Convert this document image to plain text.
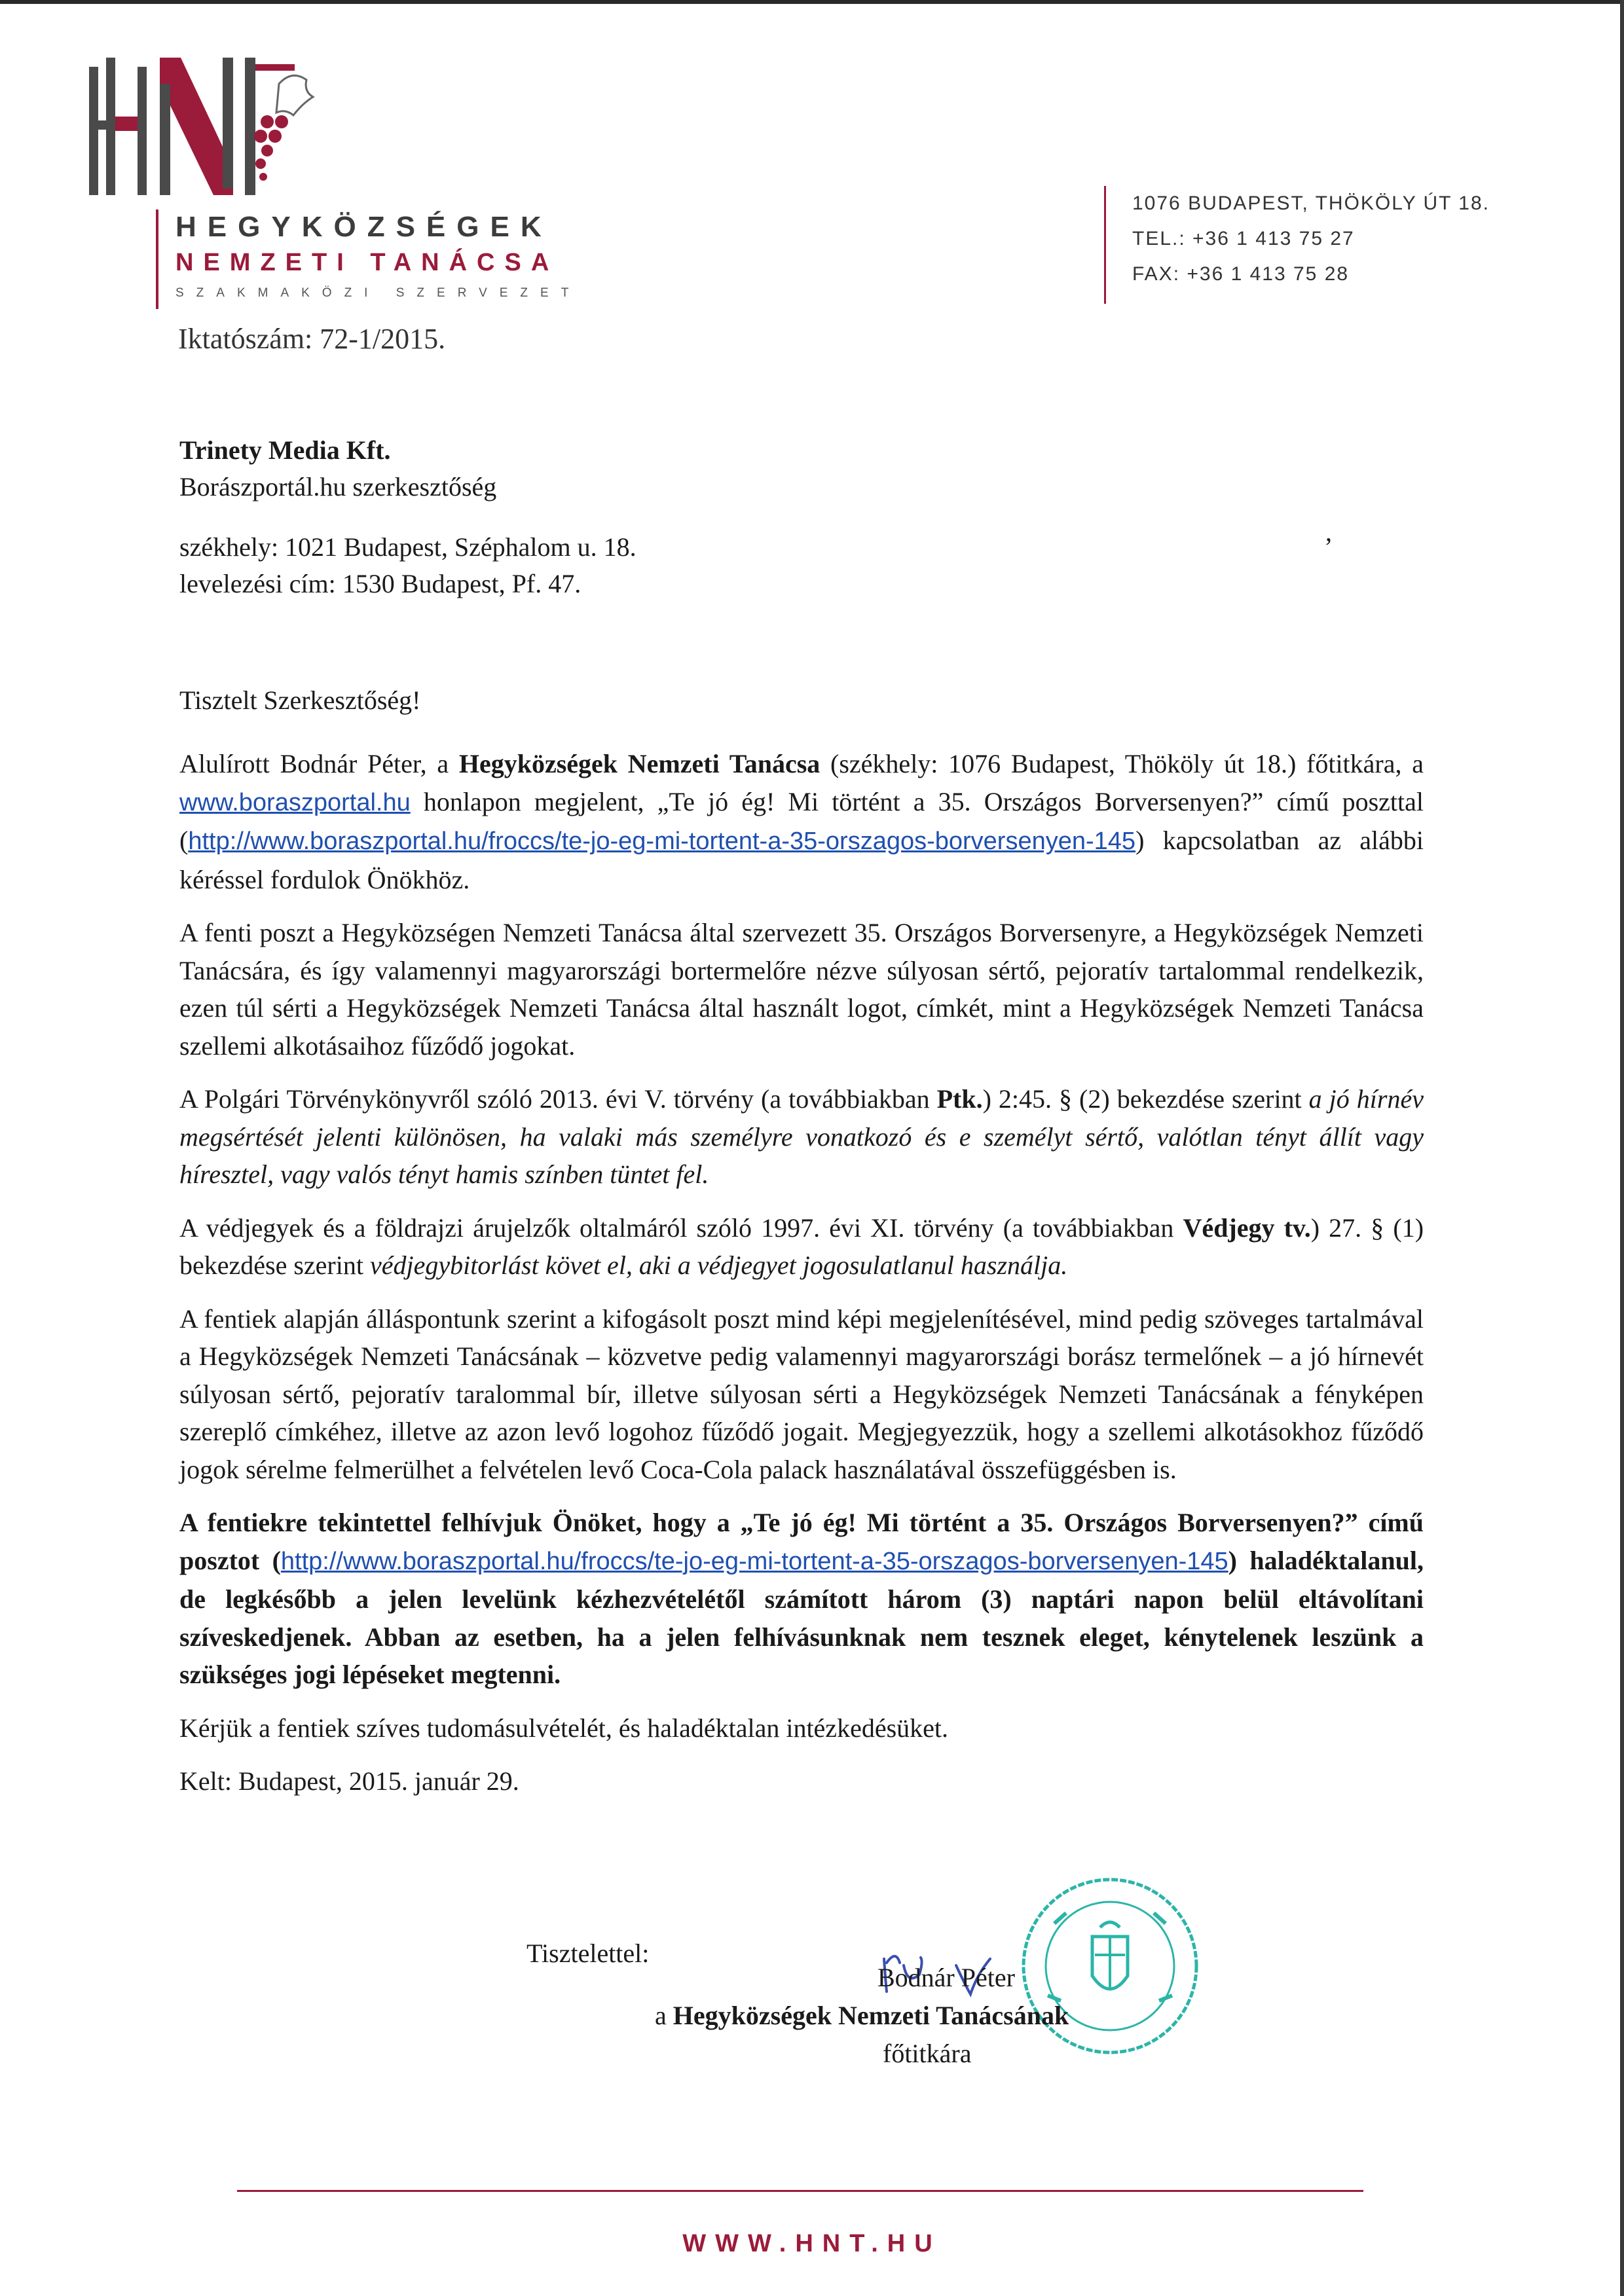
HEGYKÖZSÉGEK
NEMZETI TANÁCSA
SZAKMAKÖZI SZERVEZET
1076 BUDAPEST, THÖKÖLY ÚT 18.
TEL.: +36 1 413 75 27
FAX: +36 1 413 75 28
Iktatószám: 72-1/2015.
Trinety Media Kft.
Borászportál.hu szerkesztőség
székhely: 1021 Budapest, Széphalom u. 18.
levelezési cím: 1530 Budapest, Pf. 47.
ʼ
Tisztelt Szerkesztőség!

Alulírott Bodnár Péter, a Hegyközségek Nemzeti Tanácsa (székhely: 1076 Budapest, Thököly út 18.) főtitkára, a www.boraszportal.hu honlapon megjelent, „Te jó ég! Mi történt a 35. Országos Borversenyen?” című poszttal (http://www.boraszportal.hu/froccs/te-jo-eg-mi-tortent-a-35-orszagos-borversenyen-145) kapcsolatban az alábbi kéréssel fordulok Önökhöz.

A fenti poszt a Hegyközségen Nemzeti Tanácsa által szervezett 35. Országos Borversenyre, a Hegyközségek Nemzeti Tanácsára, és így valamennyi magyarországi bortermelőre nézve súlyosan sértő, pejoratív tartalommal rendelkezik, ezen túl sérti a Hegyközségek Nemzeti Tanácsa által használt logot, címkét, mint a Hegyközségek Nemzeti Tanácsa szellemi alkotásaihoz fűződő jogokat.

A Polgári Törvénykönyvről szóló 2013. évi V. törvény (a továbbiakban Ptk.) 2:45. § (2) bekezdése szerint a jó hírnév megsértését jelenti különösen, ha valaki más személyre vonatkozó és e személyt sértő, valótlan tényt állít vagy híresztel, vagy valós tényt hamis színben tüntet fel.

A védjegyek és a földrajzi árujelzők oltalmáról szóló 1997. évi XI. törvény (a továbbiakban Védjegy tv.) 27. § (1) bekezdése szerint védjegybitorlást követ el, aki a védjegyet jogosulatlanul használja.

A fentiek alapján álláspontunk szerint a kifogásolt poszt mind képi megjelenítésével, mind pedig szöveges tartalmával a Hegyközségek Nemzeti Tanácsának – közvetve pedig valamennyi magyarországi borász termelőnek – a jó hírnevét súlyosan sértő, pejoratív taralommal bír, illetve súlyosan sérti a Hegyközségek Nemzeti Tanácsának a fényképen szereplő címkéhez, illetve az azon levő logohoz fűződő jogait. Megjegyezzük, hogy a szellemi alkotásokhoz fűződő jogok sérelme felmerülhet a felvételen levő Coca-Cola palack használatával összefüggésben is.

A fentiekre tekintettel felhívjuk Önöket, hogy a „Te jó ég! Mi történt a 35. Országos Borversenyen?” című posztot (http://www.boraszportal.hu/froccs/te-jo-eg-mi-tortent-a-35-orszagos-borversenyen-145) haladéktalanul, de legkésőbb a jelen levelünk kézhezvételétől számított három (3) naptári napon belül eltávolítani szíveskedjenek. Abban az esetben, ha a jelen felhívásunknak nem tesznek eleget, kénytelenek leszünk a szükséges jogi lépéseket megtenni.

Kérjük a fentiek szíves tudomásulvételét, és haladéktalan intézkedésüket.

Kelt: Budapest, 2015. január 29.

Tisztelettel:
Bodnár Péter
a Hegyközségek Nemzeti Tanácsának
főtitkára
WWW.HNT.HU
